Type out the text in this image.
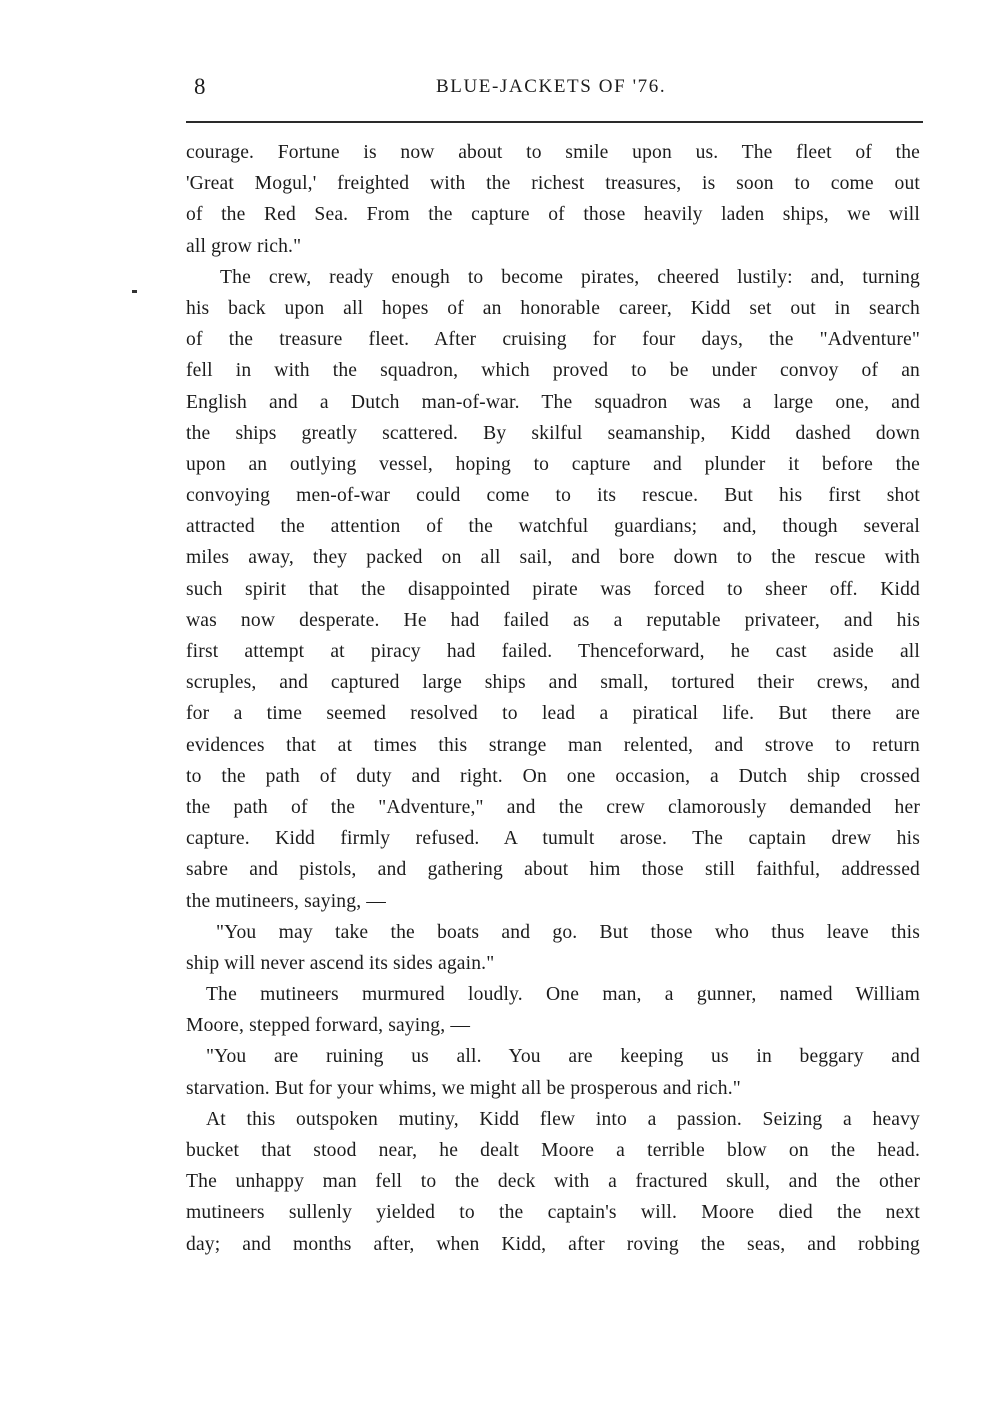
8	BLUE-JACKETS OF '76.
courage. Fortune is now about to smile upon us. The fleet of the
'Great Mogul,' freighted with the richest treasures, is soon to come out
of the Red Sea. From the capture of those heavily laden ships, we will
all grow rich."
The crew, ready enough to become pirates, cheered lustily: and, turning
his back upon all hopes of an honorable career, Kidd set out in search
of the treasure fleet. After cruising for four days, the "Adventure"
fell in with the squadron, which proved to be under convoy of an
English and a Dutch man-of-war. The squadron was a large one, and
the ships greatly scattered. By skilful seamanship, Kidd dashed down
upon an outlying vessel, hoping to capture and plunder it before the
convoying men-of-war could come to its rescue. But his first shot
attracted the attention of the watchful guardians; and, though several
miles away, they packed on all sail, and bore down to the rescue with
such spirit that the disappointed pirate was forced to sheer off. Kidd
was now desperate. He had failed as a reputable privateer, and his
first attempt at piracy had failed. Thenceforward, he cast aside all
scruples, and captured large ships and small, tortured their crews, and
for a time seemed resolved to lead a piratical life. But there are
evidences that at times this strange man relented, and strove to return
to the path of duty and right. On one occasion, a Dutch ship crossed
the path of the "Adventure," and the crew clamorously demanded her
capture. Kidd firmly refused. A tumult arose. The captain drew his
sabre and pistols, and gathering about him those still faithful, addressed
the mutineers, saying, —
"You may take the boats and go. But those who thus leave this
ship will never ascend its sides again."
The mutineers murmured loudly. One man, a gunner, named William
Moore, stepped forward, saying, —
"You are ruining us all. You are keeping us in beggary and
starvation. But for your whims, we might all be prosperous and rich."
At this outspoken mutiny, Kidd flew into a passion. Seizing a heavy
bucket that stood near, he dealt Moore a terrible blow on the head.
The unhappy man fell to the deck with a fractured skull, and the other
mutineers sullenly yielded to the captain's will. Moore died the next
day; and months after, when Kidd, after roving the seas, and robbing
